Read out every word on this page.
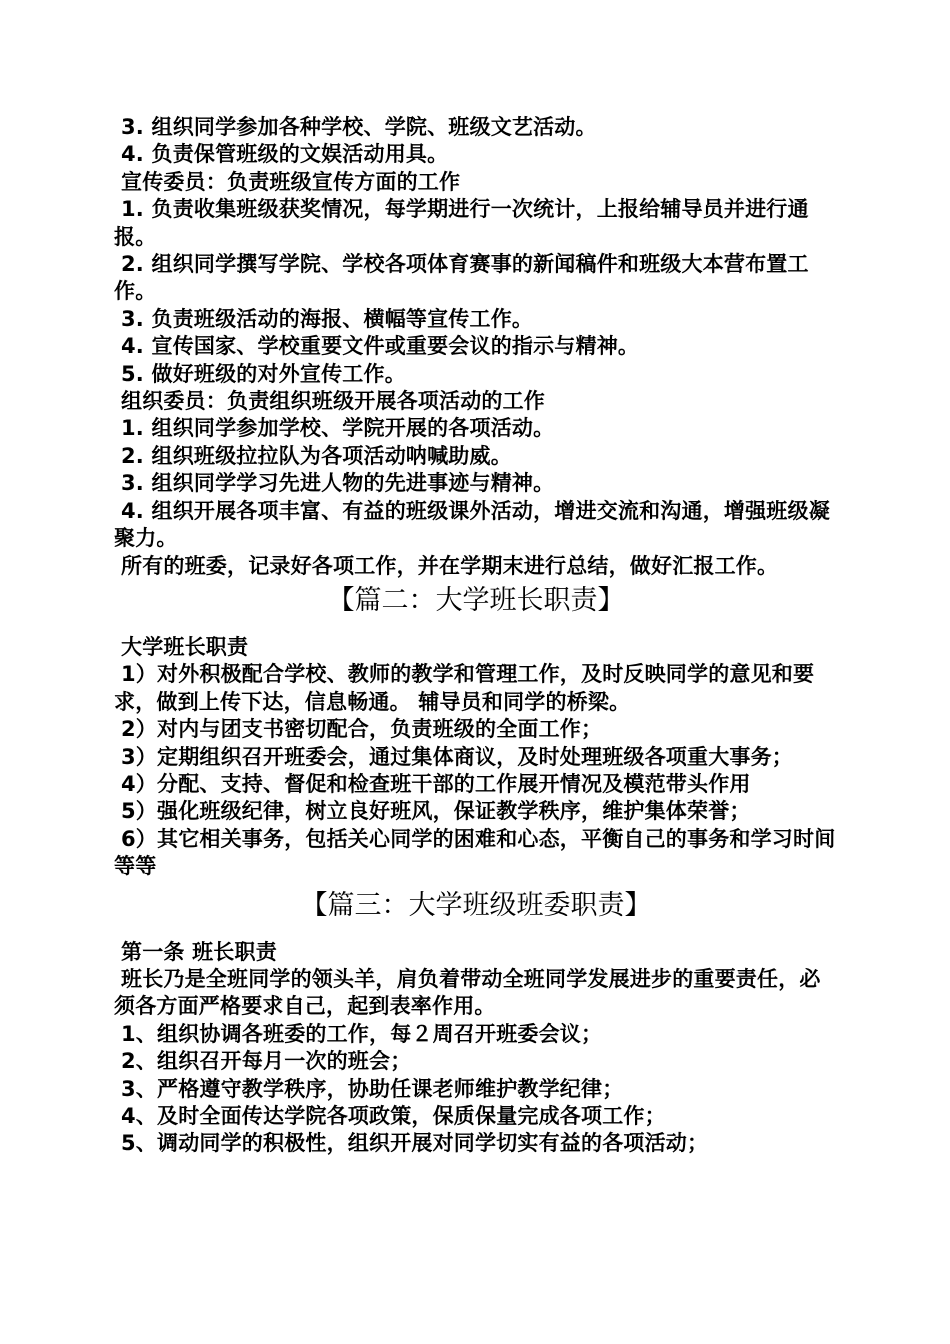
3. 组织同学参加各种学校、学院、班级文艺活动。
4. 负责保管班级的文娱活动用具。
宣传委员：负责班级宣传方面的工作
1. 负责收集班级获奖情况，每学期进行一次统计，上报给辅导员并进行通报。
2. 组织同学撰写学院、学校各项体育赛事的新闻稿件和班级大本营布置工作。
3. 负责班级活动的海报、横幅等宣传工作。
4. 宣传国家、学校重要文件或重要会议的指示与精神。
5. 做好班级的对外宣传工作。
组织委员：负责组织班级开展各项活动的工作
1. 组织同学参加学校、学院开展的各项活动。
2. 组织班级拉拉队为各项活动呐喊助威。
3. 组织同学学习先进人物的先进事迹与精神。
4. 组织开展各项丰富、有益的班级课外活动，增进交流和沟通，增强班级凝聚力。
所有的班委，记录好各项工作，并在学期末进行总结，做好汇报工作。
【篇二：大学班长职责】
大学班长职责
1）对外积极配合学校、教师的教学和管理工作，及时反映同学的意见和要求，做到上传下达，信息畅通。 辅导员和同学的桥梁。
2）对内与团支书密切配合，负责班级的全面工作；
3）定期组织召开班委会，通过集体商议，及时处理班级各项重大事务；
4）分配、支持、督促和检查班干部的工作展开情况及模范带头作用
5）强化班级纪律，树立良好班风，保证教学秩序，维护集体荣誉；
6）其它相关事务，包括关心同学的困难和心态，平衡自己的事务和学习时间等等
【篇三：大学班级班委职责】
第一条 班长职责
班长乃是全班同学的领头羊，肩负着带动全班同学发展进步的重要责任，必须各方面严格要求自己，起到表率作用。
1、组织协调各班委的工作，每２周召开班委会议；
2、组织召开每月一次的班会；
3、严格遵守教学秩序，协助任课老师维护教学纪律；
4、及时全面传达学院各项政策，保质保量完成各项工作；
5、调动同学的积极性，组织开展对同学切实有益的各项活动；
